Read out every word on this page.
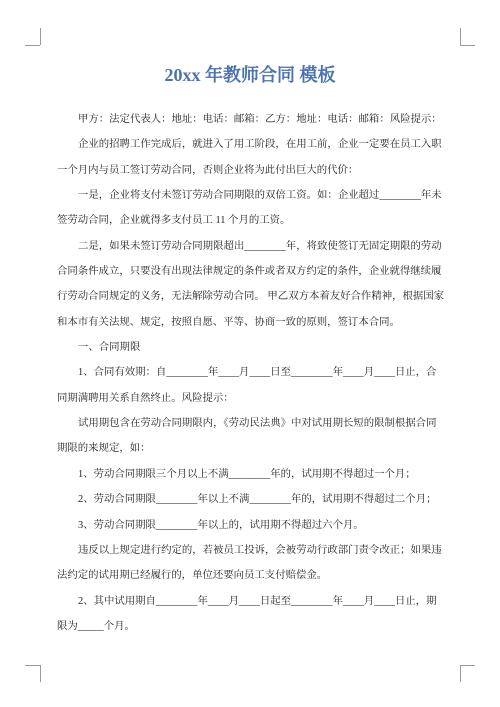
20xx 年教师合同 模板
甲方：法定代表人：地址：电话：邮箱：乙方：地址：电话：邮箱：风险提示：
企业的招聘工作完成后，就进入了用工阶段，在用工前，企业一定要在员工入职
一个月内与员工签订劳动合同，否则企业将为此付出巨大的代价：
一是，企业将支付未签订劳动合同期限的双倍工资。如：企业超过________年未
签劳动合同，企业就得多支付员工 11 个月的工资。
二是，如果未签订劳动合同期限超出________年，将致使签订无固定期限的劳动
合同条件成立，只要没有出现法律规定的条件或者双方约定的条件，企业就得继续履
行劳动合同规定的义务，无法解除劳动合同。 甲乙双方本着友好合作精神，根据国家
和本市有关法规、规定，按照自愿、平等、协商一致的原则，签订本合同。
一、合同期限
1、合同有效期：自________年____月____日至________年____月____日止，合
同期满聘用关系自然终止。风险提示：
试用期包含在劳动合同期限内，《劳动民法典》中对试用期长短的限制根据合同
期限的来规定，如：
1、劳动合同期限三个月以上不满________年的，试用期不得超过一个月；
2、劳动合同期限________年以上不满________年的，试用期不得超过二个月；
3、劳动合同期限________年以上的，试用期不得超过六个月。
违反以上规定进行约定的，若被员工投诉，会被劳动行政部门责令改正；如果违
法约定的试用期已经履行的，单位还要向员工支付赔偿金。
2、其中试用期自________年____月____日起至________年____月____日止，期
限为_____个月。
